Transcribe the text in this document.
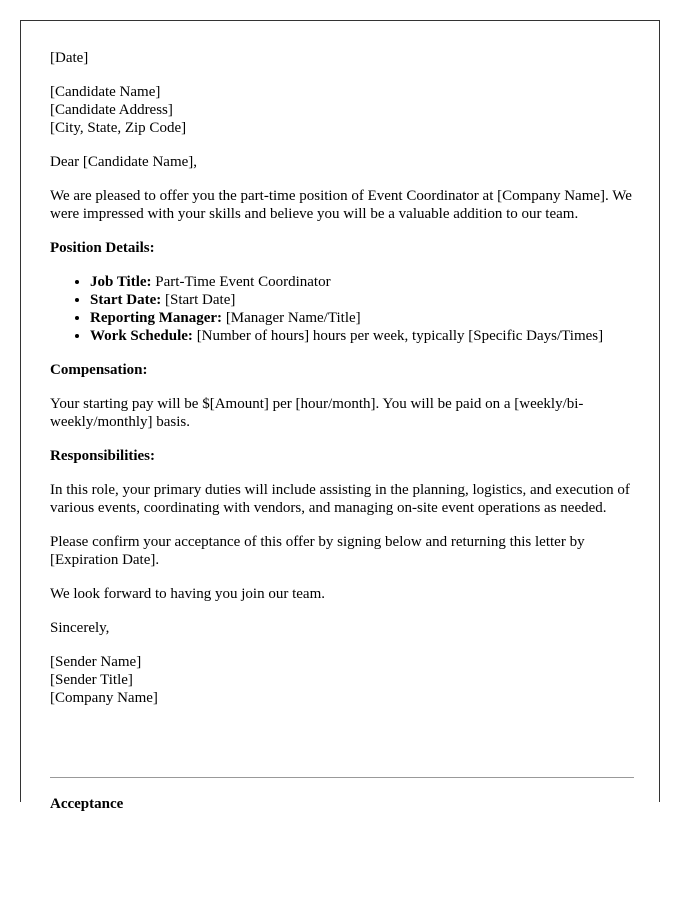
[Date]

[Candidate Name]
[Candidate Address]
[City, State, Zip Code]

Dear [Candidate Name],

We are pleased to offer you the part-time position of Event Coordinator at [Company Name]. We were impressed with your skills and believe you will be a valuable addition to our team.

Position Details:

• Job Title: Part-Time Event Coordinator
• Start Date: [Start Date]
• Reporting Manager: [Manager Name/Title]
• Work Schedule: [Number of hours] hours per week, typically [Specific Days/Times]

Compensation:

Your starting pay will be $[Amount] per [hour/month]. You will be paid on a [weekly/bi-weekly/monthly] basis.

Responsibilities:

In this role, your primary duties will include assisting in the planning, logistics, and execution of various events, coordinating with vendors, and managing on-site event operations as needed.

Please confirm your acceptance of this offer by signing below and returning this letter by [Expiration Date].

We look forward to having you join our team.

Sincerely,

[Sender Name]
[Sender Title]
[Company Name]
Acceptance
